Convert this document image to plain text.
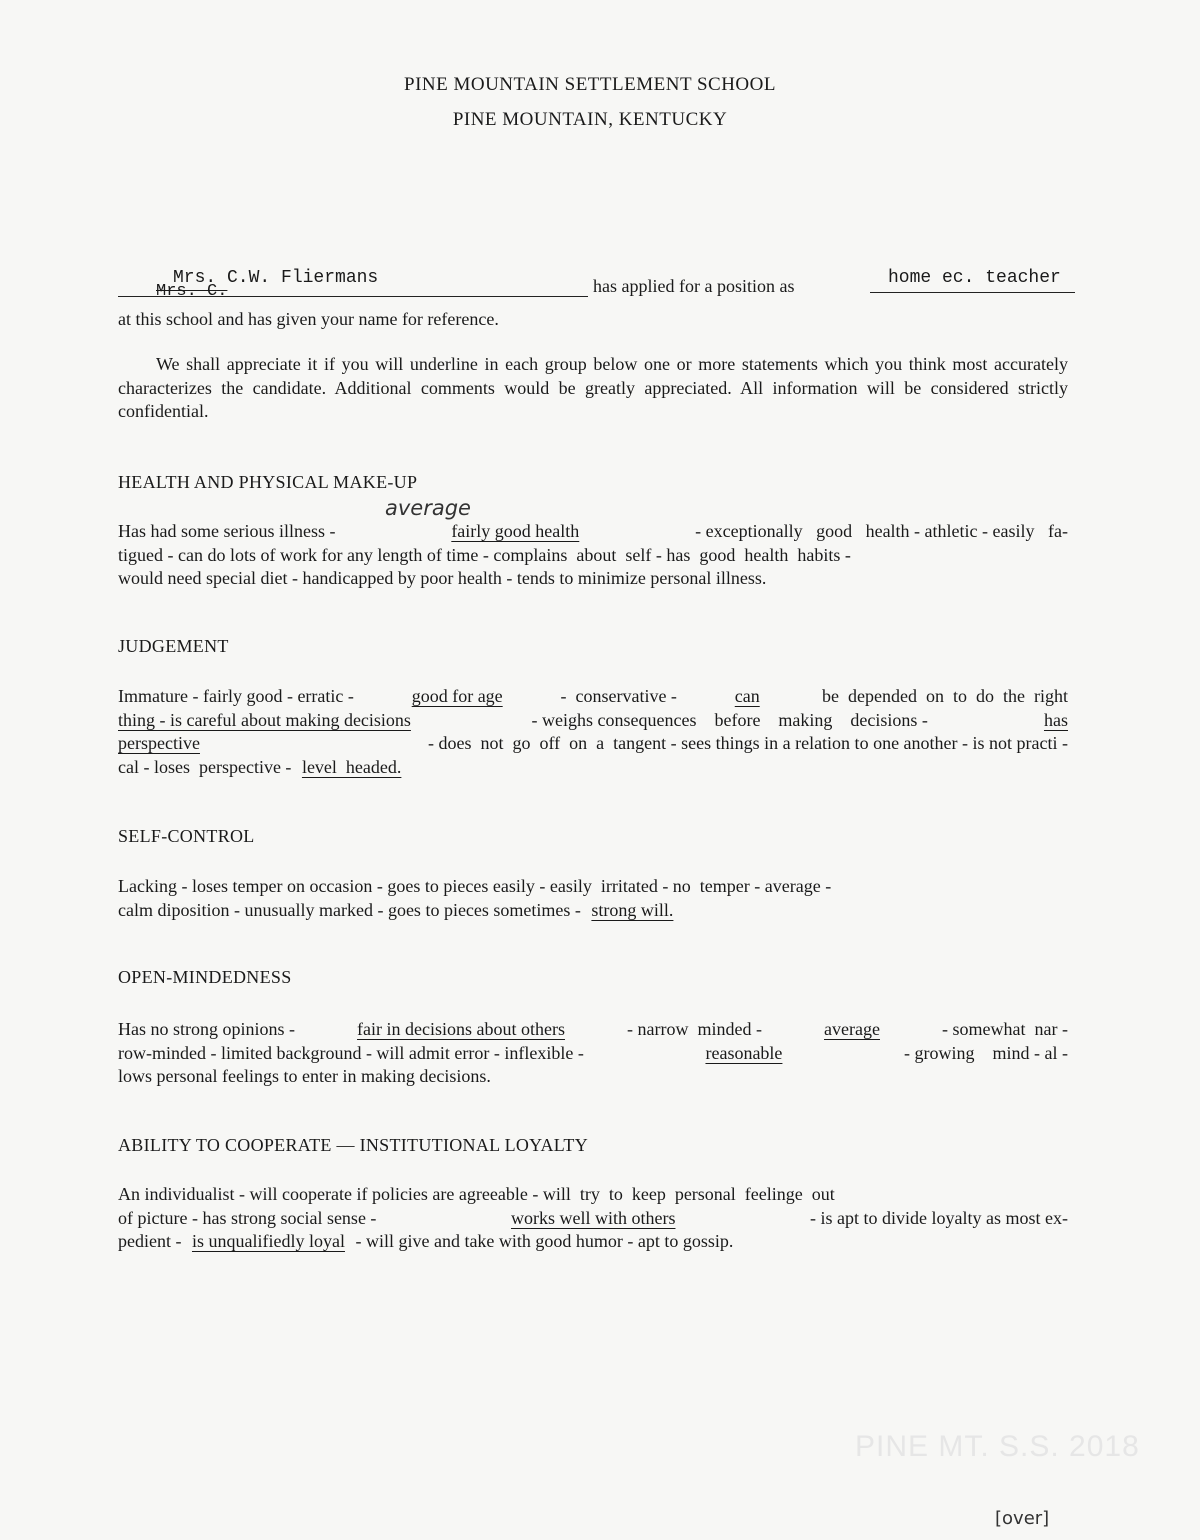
PINE MOUNTAIN SETTLEMENT SCHOOL
PINE MOUNTAIN, KENTUCKY
Mrs. C.W. Fliermans
Mrs. C.	has applied for a position as	home ec. teacher
at this school and has given your name for reference.
We shall appreciate it if you will underline in each group below one or more statements which you think most accurately characterizes the candidate. Additional comments would be greatly appreciated. All information will be considered strictly confidential.
HEALTH AND PHYSICAL MAKE-UP
Has had some serious illness -	fairly good health	- exceptionally   good   health - athletic - easily   fa-
tigued - can do lots of work for any length of time - complains  about  self - has  good  health  habits -
would need special diet - handicapped by poor health - tends to minimize personal illness.
JUDGEMENT
Immature - fairly good - erratic -	good for age	-  conservative -	can	be  depended  on  to  do  the  right
thing - is careful about making decisions	- weighs consequences    before    making    decisions -	has
perspective	- does  not  go  off  on  a  tangent - sees things in a relation to one another - is not practi -
cal - loses  perspective - level  headed.
SELF-CONTROL
Lacking - loses temper on occasion - goes to pieces easily - easily  irritated - no  temper - average -
calm diposition - unusually marked - goes to pieces sometimes - strong will.
OPEN-MINDEDNESS
Has no strong opinions -	fair in decisions about others	- narrow  minded -	average	- somewhat  nar -
row-minded - limited background - will admit error - inflexible -	reasonable	- growing    mind - al -
lows personal feelings to enter in making decisions.
ABILITY TO COOPERATE — INSTITUTIONAL LOYALTY
An individualist - will cooperate if policies are agreeable - will  try  to  keep  personal  feelinge  out
of picture - has strong social sense -	works well with others	- is apt to divide loyalty as most ex-
pedient - is unqualifiedly loyal - will give and take with good humor - apt to gossip.
average
PINE MT. S.S. 2018
[over]
